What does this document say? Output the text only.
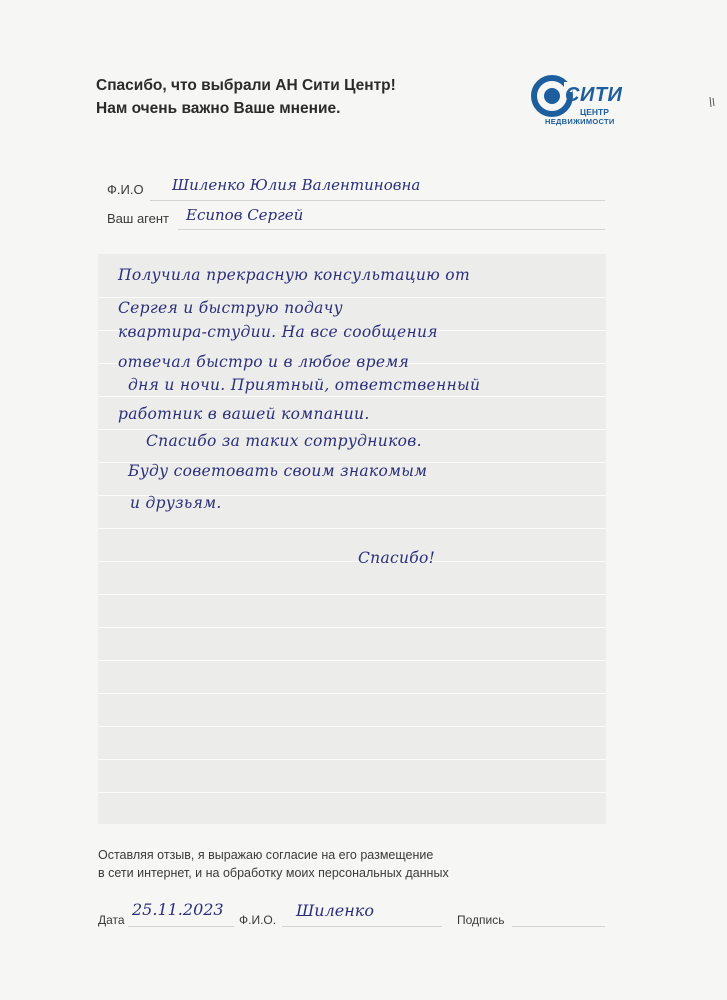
Спасибо, что выбрали АН Сити Центр!
Нам очень важно Ваше мнение.
СИТИ
ЦЕНТР
НЕДВИЖИМОСТИ
Ф.И.О Шиленко Юлия Валентиновна
Ваш агент Есипов Сергей
Получила прекрасную консультацию от
Сергея и быструю подачу
квартира-студии. На все сообщения
отвечал быстро и в любое время
дня и ночи. Приятный, ответственный
работник в вашей компании.
Спасибо за таких сотрудников.
Буду советовать своим знакомым
и друзьям.
Спасибо!
Оставляя отзыв, я выражаю согласие на его размещение
в сети интернет, и на обработку моих персональных данных
Дата
25.11.2023
Ф.И.О. Шиленко	Подпись
